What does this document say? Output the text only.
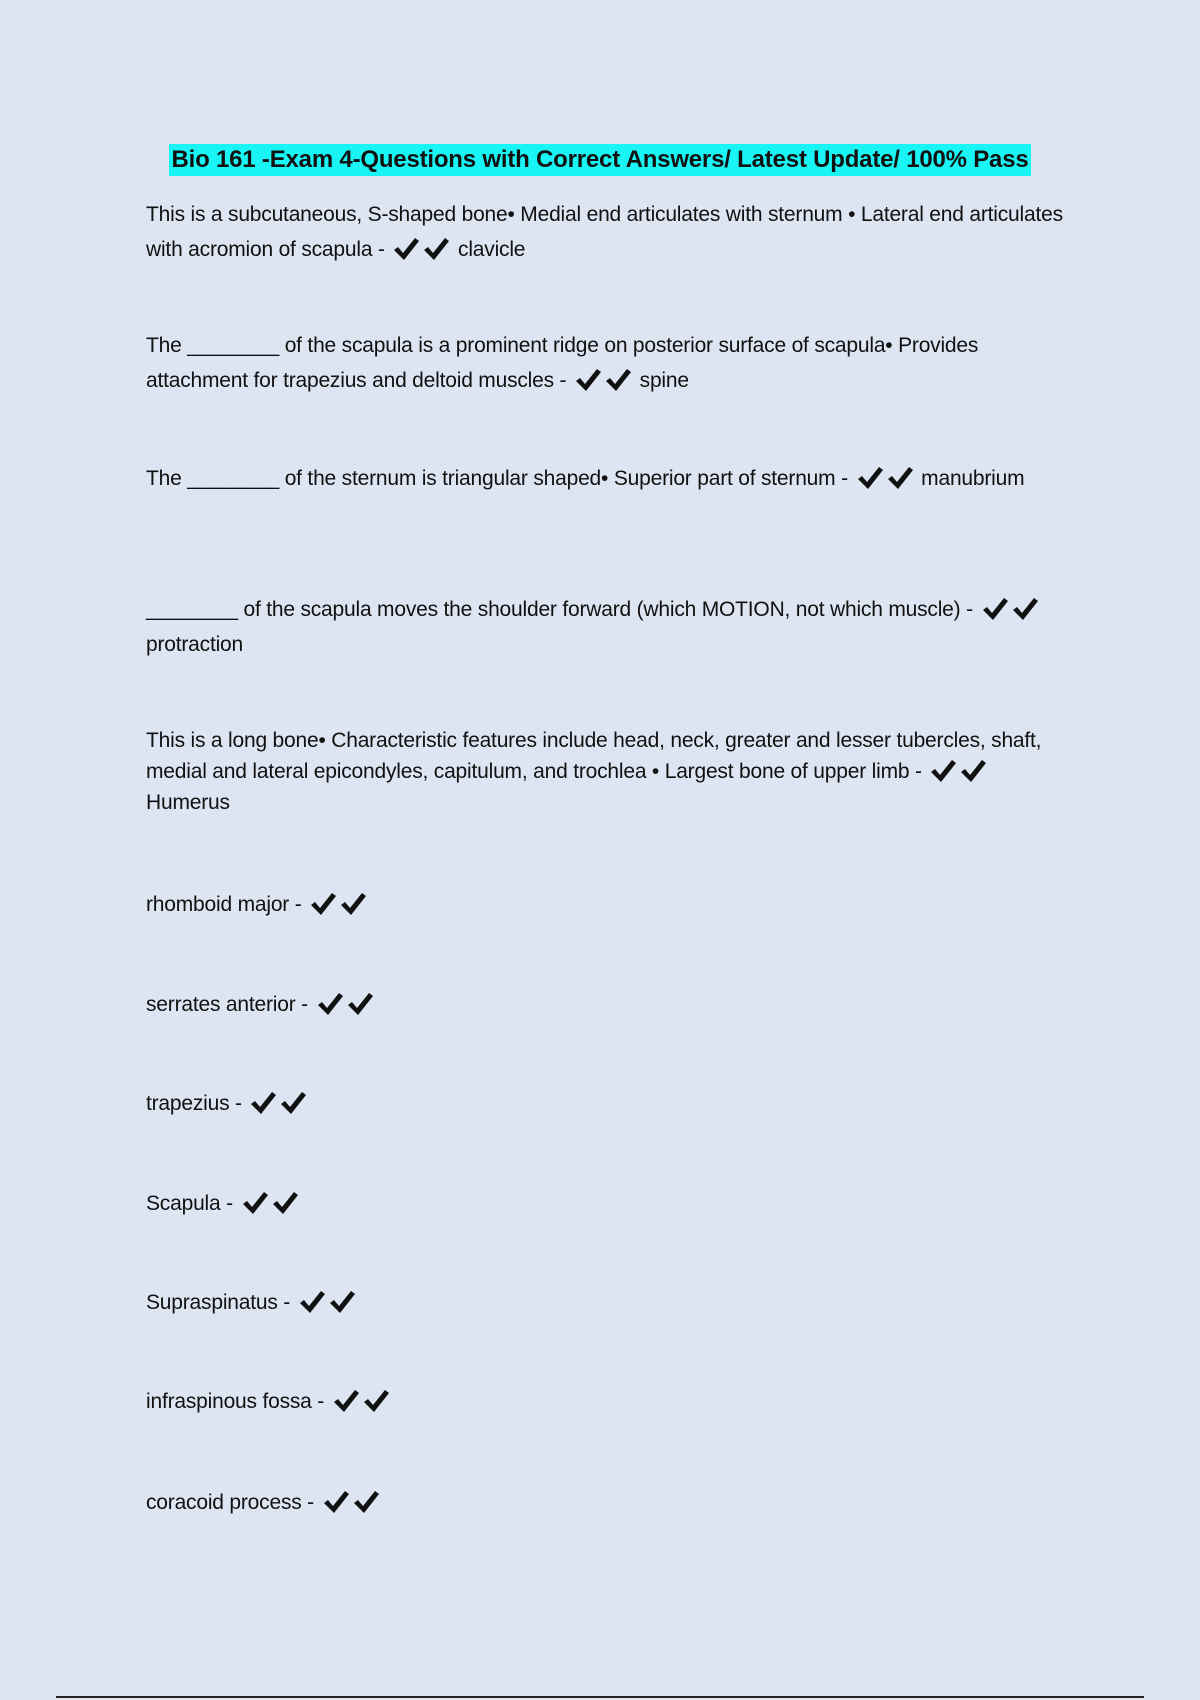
Bio 161 -Exam 4-Questions with Correct Answers/ Latest Update/ 100% Pass
This is a subcutaneous, S-shaped bone• Medial end articulates with sternum • Lateral end articulates with acromion of scapula -	clavicle
The ________ of the scapula is a prominent ridge on posterior surface of scapula• Provides attachment for trapezius and deltoid muscles -	spine
The ________ of the sternum is triangular shaped• Superior part of sternum -	manubrium
________ of the scapula moves the shoulder forward (which MOTION, not which muscle) -
protraction
This is a long bone• Characteristic features include head, neck, greater and lesser tubercles, shaft, medial and lateral epicondyles, capitulum, and trochlea • Largest bone of upper limb -
Humerus
rhomboid major -
serrates anterior -
trapezius -
Scapula -
Supraspinatus -
infraspinous fossa -
coracoid process -
